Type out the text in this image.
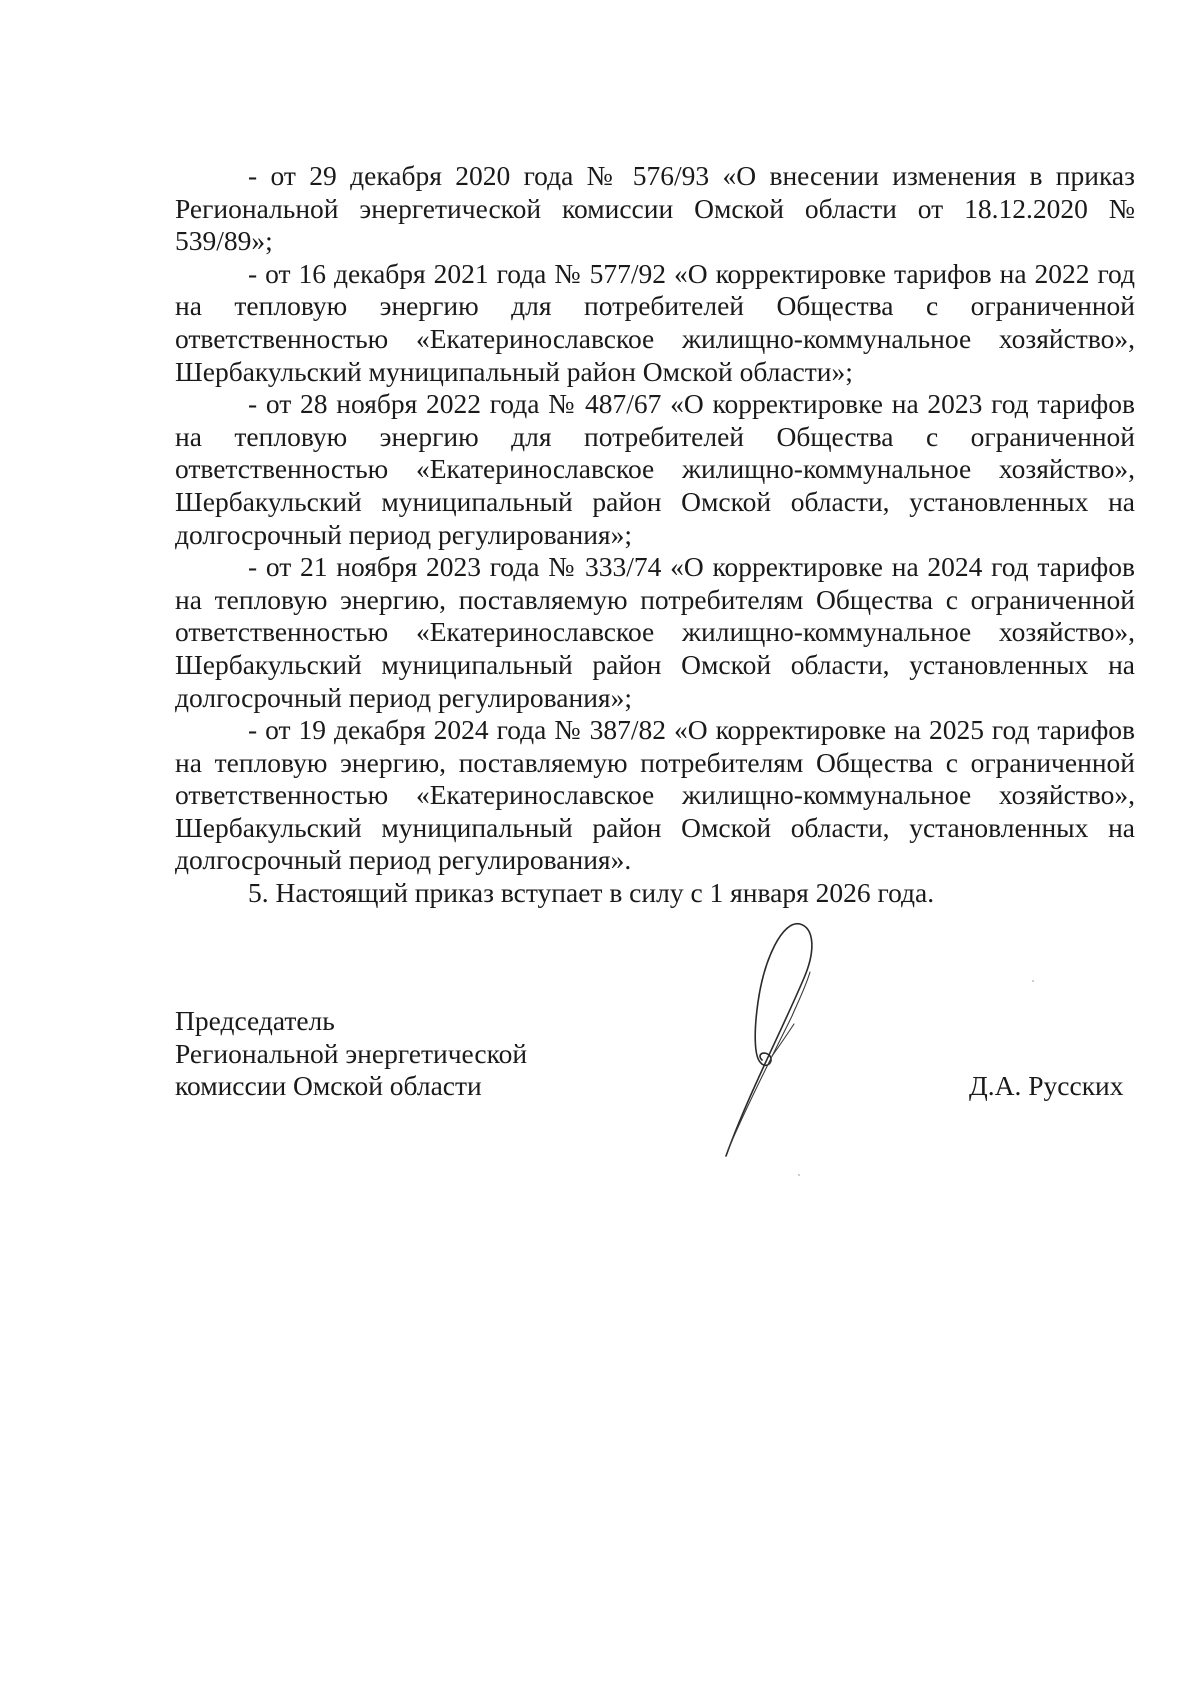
- от 29 декабря 2020 года № 576/93 «О внесении изменения в приказ Региональной энергетической комиссии Омской области от 18.12.2020 № 539/89»;

- от 16 декабря 2021 года № 577/92 «О корректировке тарифов на 2022 год на тепловую энергию для потребителей Общества с ограниченной ответственностью «Екатеринославское жилищно-коммунальное хозяйство», Шербакульский муниципальный район Омской области»;

- от 28 ноября 2022 года № 487/67 «О корректировке на 2023 год тарифов на тепловую энергию для потребителей Общества с ограниченной ответственностью «Екатеринославское жилищно-коммунальное хозяйство», Шербакульский муниципальный район Омской области, установленных на долгосрочный период регулирования»;

- от 21 ноября 2023 года № 333/74 «О корректировке на 2024 год тарифов на тепловую энергию, поставляемую потребителям Общества с ограниченной ответственностью «Екатеринославское жилищно-коммунальное хозяйство», Шербакульский муниципальный район Омской области, установленных на долгосрочный период регулирования»;

- от 19 декабря 2024 года № 387/82 «О корректировке на 2025 год тарифов на тепловую энергию, поставляемую потребителям Общества с ограниченной ответственностью «Екатеринославское жилищно-коммунальное хозяйство», Шербакульский муниципальный район Омской области, установленных на долгосрочный период регулирования».

5. Настоящий приказ вступает в силу с 1 января 2026 года.

Председатель
Региональной энергетической
комиссии Омской области	Д.А. Русских
